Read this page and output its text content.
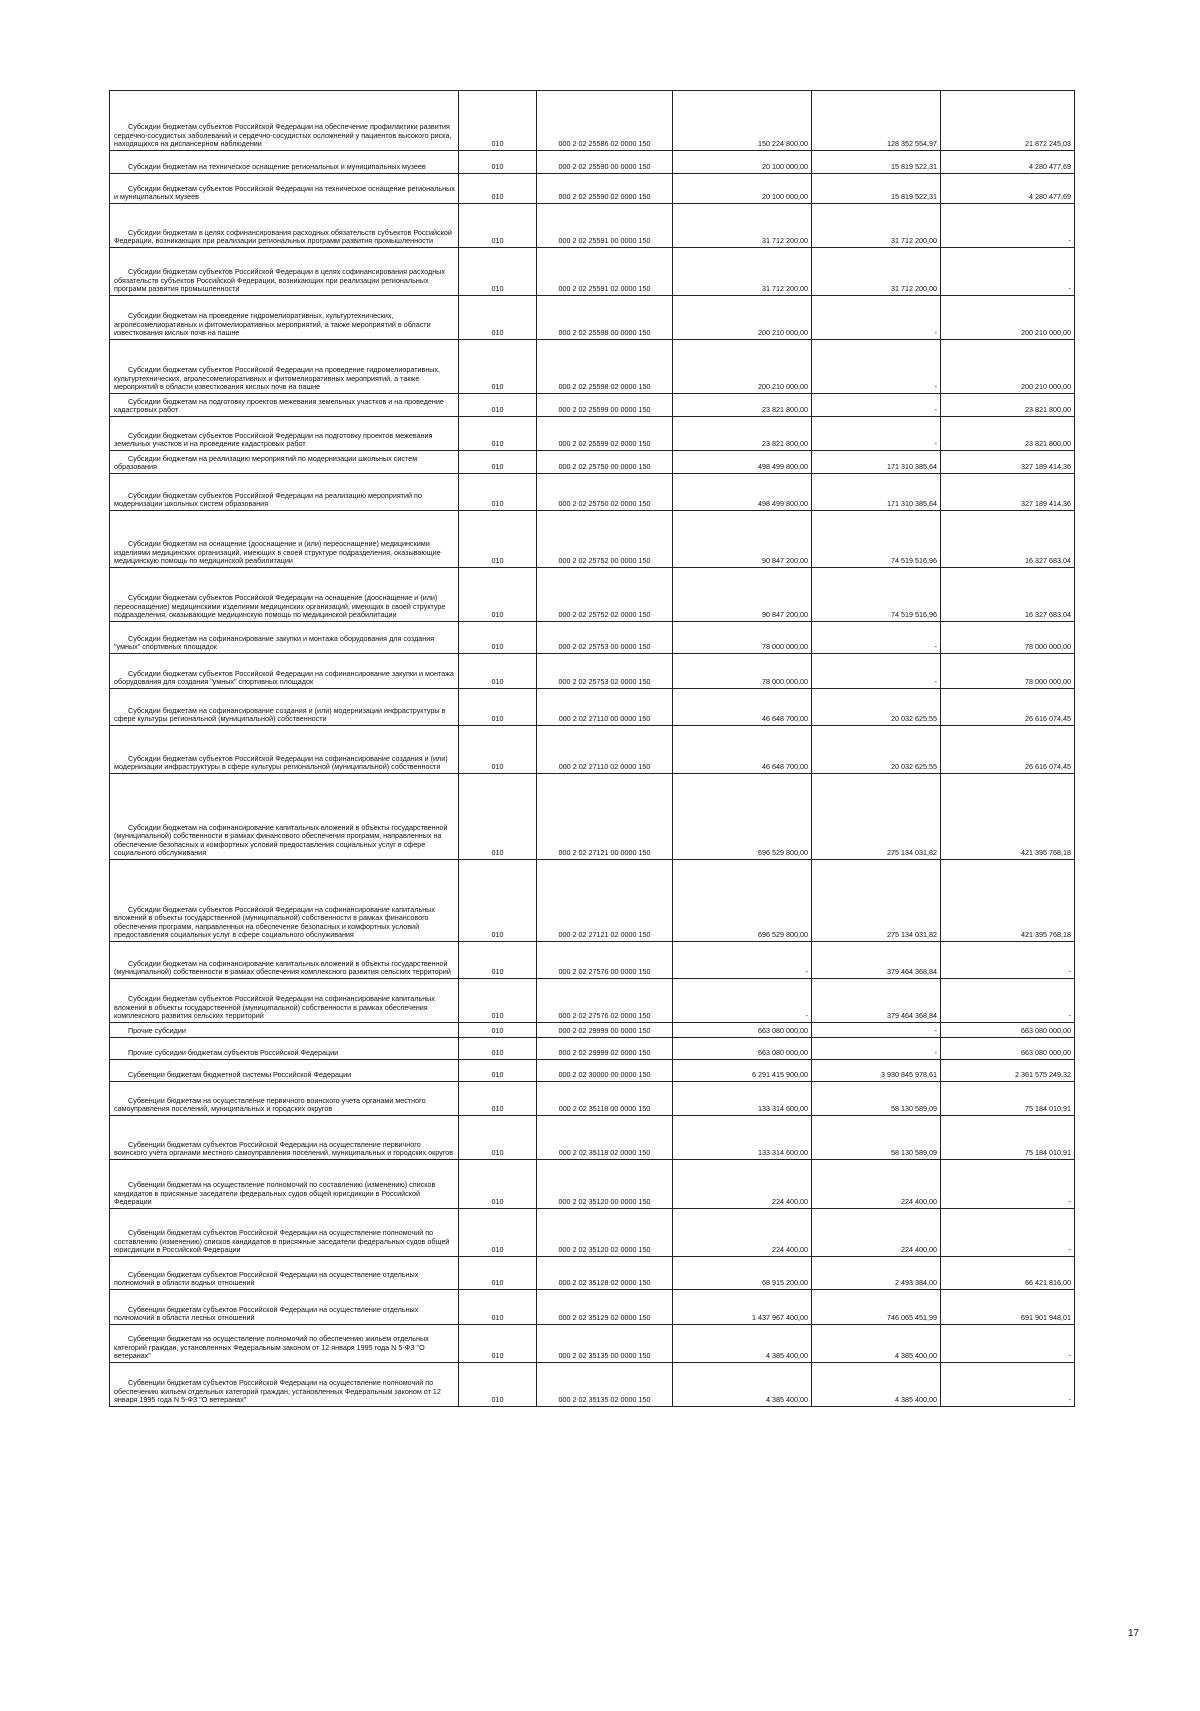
Субсидии бюджетам субъектов Российской Федерации на обеспечение профилактики развития сердечно-сосудистых заболеваний и сердечно-сосудистых осложнений у пациентов высокого риска, находящихся на диспансерном наблюдении	010	000 2 02 25586 02 0000 150	150 224 800,00	128 352 554,97	21 872 245,03

Субсидии бюджетам на техническое оснащение региональных и муниципальных музеев	010	000 2 02 25590 00 0000 150	20 100 000,00	15 819 522,31	4 280 477,69

Субсидии бюджетам субъектов Российской Федерации на техническое оснащение региональных и муниципальных музеев	010	000 2 02 25590 02 0000 150	20 100 000,00	15 819 522,31	4 280 477,69

Субсидии бюджетам в целях софинансирования расходных обязательств субъектов Российской Федерации, возникающих при реализации региональных программ развития промышленности	010	000 2 02 25591 00 0000 150	31 712 200,00	31 712 200,00	-

Субсидии бюджетам субъектов Российской Федерации в целях софинансирования расходных обязательств субъектов Российской Федерации, возникающих при реализации региональных программ развития промышленности	010	000 2 02 25591 02 0000 150	31 712 200,00	31 712 200,00	-

Субсидии бюджетам на проведение гидромелиоративных, культуртехнических, агролесомелиоративных и фитомелиоративных мероприятий, а также мероприятий в области известкования кислых почв на пашне	010	000 2 02 25598 00 0000 150	200 210 000,00	-	200 210 000,00

Субсидии бюджетам субъектов Российской Федерации на проведение гидромелиоративных, культуртехнических, агролесомелиоративных и фитомелиоративных мероприятий, а также мероприятий в области известкования кислых почв на пашне	010	000 2 02 25598 02 0000 150	200 210 000,00	-	200 210 000,00

Субсидии бюджетам на подготовку проектов межевания земельных участков и на проведение кадастровых работ	010	000 2 02 25599 00 0000 150	23 821 800,00	-	23 821 800,00

Субсидии бюджетам субъектов Российской Федерации на подготовку проектов межевания земельных участков и на проведение кадастровых работ	010	000 2 02 25599 02 0000 150	23 821 800,00	-	23 821 800,00

Субсидии бюджетам на реализацию мероприятий по модернизации школьных систем образования	010	000 2 02 25750 00 0000 150	498 499 800,00	171 310 385,64	327 189 414,36

Субсидии бюджетам субъектов Российской Федерации на реализацию мероприятий по модернизации школьных систем образования	010	000 2 02 25750 02 0000 150	498 499 800,00	171 310 385,64	327 189 414,36

Субсидии бюджетам на оснащение (дооснащение и (или) переоснащение) медицинскими изделиями медицинских организаций, имеющих в своей структуре подразделения, оказывающие медицинскую помощь по медицинской реабилитации	010	000 2 02 25752 00 0000 150	90 847 200,00	74 519 516,96	16 327 683,04

Субсидии бюджетам субъектов Российской Федерации на оснащение (дооснащение и (или) переоснащение) медицинскими изделиями медицинских организаций, имеющих в своей структуре подразделения, оказывающие медицинскую помощь по медицинской реабилитации	010	000 2 02 25752 02 0000 150	90 847 200,00	74 519 516,96	16 327 683,04

Субсидии бюджетам на софинансирование закупки и монтажа оборудования для создания "умных" спортивных площадок	010	000 2 02 25753 00 0000 150	78 000 000,00	-	78 000 000,00

Субсидии бюджетам субъектов Российской Федерации на софинансирование закупки и монтажа оборудования для создания "умных" спортивных площадок	010	000 2 02 25753 02 0000 150	78 000 000,00	-	78 000 000,00

Субсидии бюджетам на софинансирование создания и (или) модернизации инфраструктуры в сфере культуры региональной (муниципальной) собственности	010	000 2 02 27110 00 0000 150	46 648 700,00	20 032 625,55	26 616 074,45

Субсидии бюджетам субъектов Российской Федерации на софинансирование создания и (или) модернизации инфраструктуры в сфере культуры региональной (муниципальной) собственности	010	000 2 02 27110 02 0000 150	46 648 700,00	20 032 625,55	26 616 074,45

Субсидии бюджетам на софинансирование капитальных вложений в объекты государственной (муниципальной) собственности в рамках финансового обеспечения программ, направленных на обеспечение безопасных и комфортных условий предоставления социальных услуг в сфере социального обслуживания	010	000 2 02 27121 00 0000 150	696 529 800,00	275 134 031,82	421 395 768,18

Субсидии бюджетам субъектов Российской Федерации на софинансирование капитальных вложений в объекты государственной (муниципальной) собственности в рамках финансового обеспечения программ, направленных на обеспечение безопасных и комфортных условий предоставления социальных услуг в сфере социального обслуживания	010	000 2 02 27121 02 0000 150	696 529 800,00	275 134 031,82	421 395 768,18

Субсидии бюджетам на софинансирование капитальных вложений в объекты государственной (муниципальной) собственности в рамках обеспечения комплексного развития сельских территорий	010	000 2 02 27576 00 0000 150	-	379 464 368,84	-

Субсидии бюджетам субъектов Российской Федерации на софинансирование капитальных вложений в объекты государственной (муниципальной) собственности в рамках обеспечения комплексного развития сельских территорий	010	000 2 02 27576 02 0000 150	-	379 464 368,84	-

Прочие субсидии	010	000 2 02 29999 00 0000 150	663 080 000,00	-	663 080 000,00

Прочие субсидии бюджетам субъектов Российской Федерации	010	000 2 02 29999 02 0000 150	663 080 000,00	-	663 080 000,00

Субвенции бюджетам бюджетной системы Российской Федерации	010	000 2 02 30000 00 0000 150	6 291 415 900,00	3 930 845 978,61	2 361 575 249,32

Субвенции бюджетам на осуществление первичного воинского учета органами местного самоуправления поселений, муниципальных и городских округов	010	000 2 02 35118 00 0000 150	133 314 600,00	58 130 589,09	75 184 010,91

Субвенции бюджетам субъектов Российской Федерации на осуществление первичного воинского учета органами местного самоуправления поселений, муниципальных и городских округов	010	000 2 02 35118 02 0000 150	133 314 600,00	58 130 589,09	75 184 010,91

Субвенции бюджетам на осуществление полномочий по составлению (изменению) списков кандидатов в присяжные заседатели федеральных судов общей юрисдикции в Российской Федерации	010	000 2 02 35120 00 0000 150	224 400,00	224 400,00	-

Субвенции бюджетам субъектов Российской Федерации на осуществление полномочий по составлению (изменению) списков кандидатов в присяжные заседатели федеральных судов общей юрисдикции в Российской Федерации	010	000 2 02 35120 02 0000 150	224 400,00	224 400,00	-

Субвенции бюджетам субъектов Российской Федерации на осуществление отдельных полномочий в области водных отношений	010	000 2 02 35128 02 0000 150	68 915 200,00	2 493 384,00	66 421 816,00

Субвенции бюджетам субъектов Российской Федерации на осуществление отдельных полномочий в области лесных отношений	010	000 2 02 35129 02 0000 150	1 437 967 400,00	746 065 451,99	691 901 948,01

Субвенции бюджетам на осуществление полномочий по обеспечению жильем отдельных категорий граждан, установленных Федеральным законом от 12 января 1995 года N 5-ФЗ "О ветеранах"	010	000 2 02 35135 00 0000 150	4 385 400,00	4 385 400,00	-

Субвенции бюджетам субъектов Российской Федерации на осуществление полномочий по обеспечению жильем отдельных категорий граждан, установленных Федеральным законом от 12 января 1995 года N 5-ФЗ "О ветеранах"	010	000 2 02 35135 02 0000 150	4 385 400,00	4 385 400,00	-
17
